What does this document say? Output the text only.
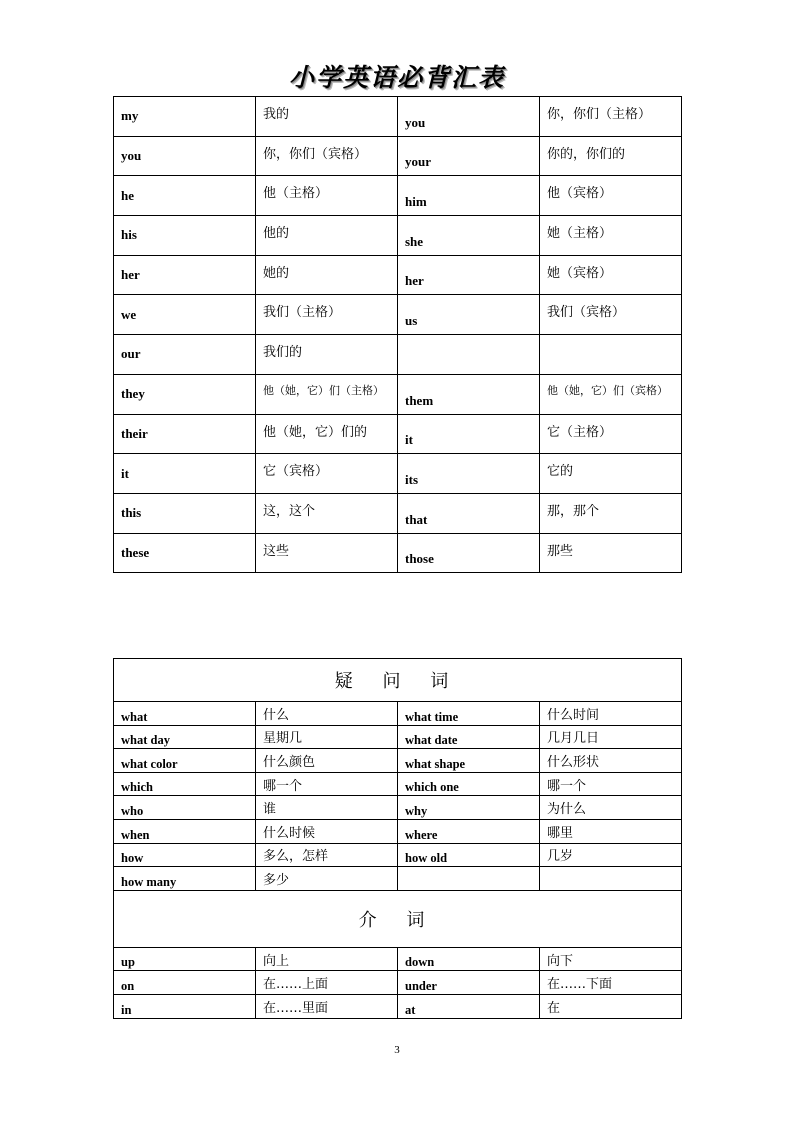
小学英语必背汇表
my	我的	you	你，你们（主格）
you	你，你们（宾格）	your	你的，你们的
he	他（主格）	him	他（宾格）
his	他的	she	她（主格）
her	她的	her	她（宾格）
we	我们（主格）	us	我们（宾格）
our	我们的		
they	他（她，它）们（主格）	them	他（她，它）们（宾格）
their	他（她，它）们的	it	它（主格）
it	它（宾格）	its	它的
this	这，这个	that	那，那个
these	这些	those	那些
疑 问 词			
what	什么	what time	什么时间
what day	星期几	what date	几月几日
what color	什么颜色	what shape	什么形状
which	哪一个	which one	哪一个
who	谁	why	为什么
when	什么时候	where	哪里
how	多么，怎样	how old	几岁
how many	多少		
介 词			
up	向上	down	向下
on	在……上面	under	在……下面
in	在……里面	at	在
3
